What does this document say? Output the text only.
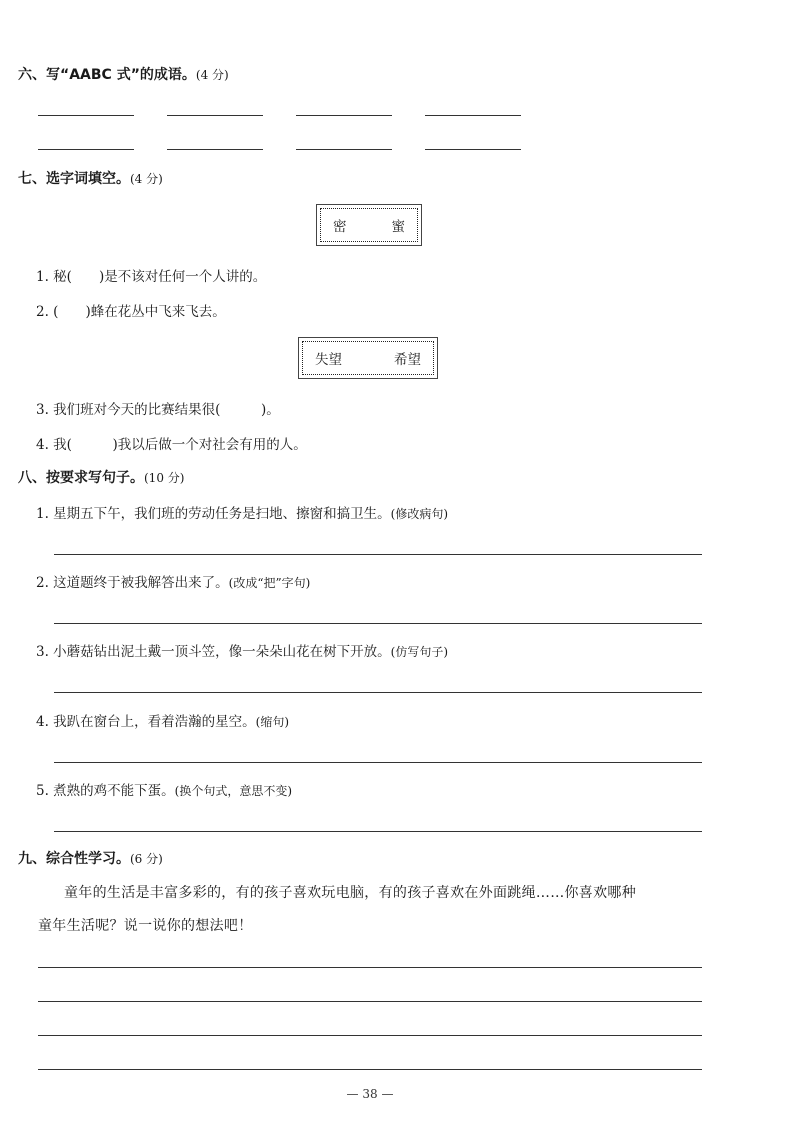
六、写“AABC 式”的成语。(4 分)
七、选字词填空。(4 分)
密	蜜
1. 秘(　　)是不该对任何一个人讲的。
2. (　　)蜂在花丛中飞来飞去。
失望	希望
3. 我们班对今天的比赛结果很(　　　)。
4. 我(　　　)我以后做一个对社会有用的人。
八、按要求写句子。(10 分)
1. 星期五下午，我们班的劳动任务是扫地、擦窗和搞卫生。(修改病句)
2. 这道题终于被我解答出来了。(改成“把”字句)
3. 小蘑菇钻出泥土戴一顶斗笠，像一朵朵山花在树下开放。(仿写句子)
4. 我趴在窗台上，看着浩瀚的星空。(缩句)
5. 煮熟的鸡不能下蛋。(换个句式，意思不变)
九、综合性学习。(6 分)
童年的生活是丰富多彩的，有的孩子喜欢玩电脑，有的孩子喜欢在外面跳绳……你喜欢哪种
童年生活呢？说一说你的想法吧！
— 38 —
